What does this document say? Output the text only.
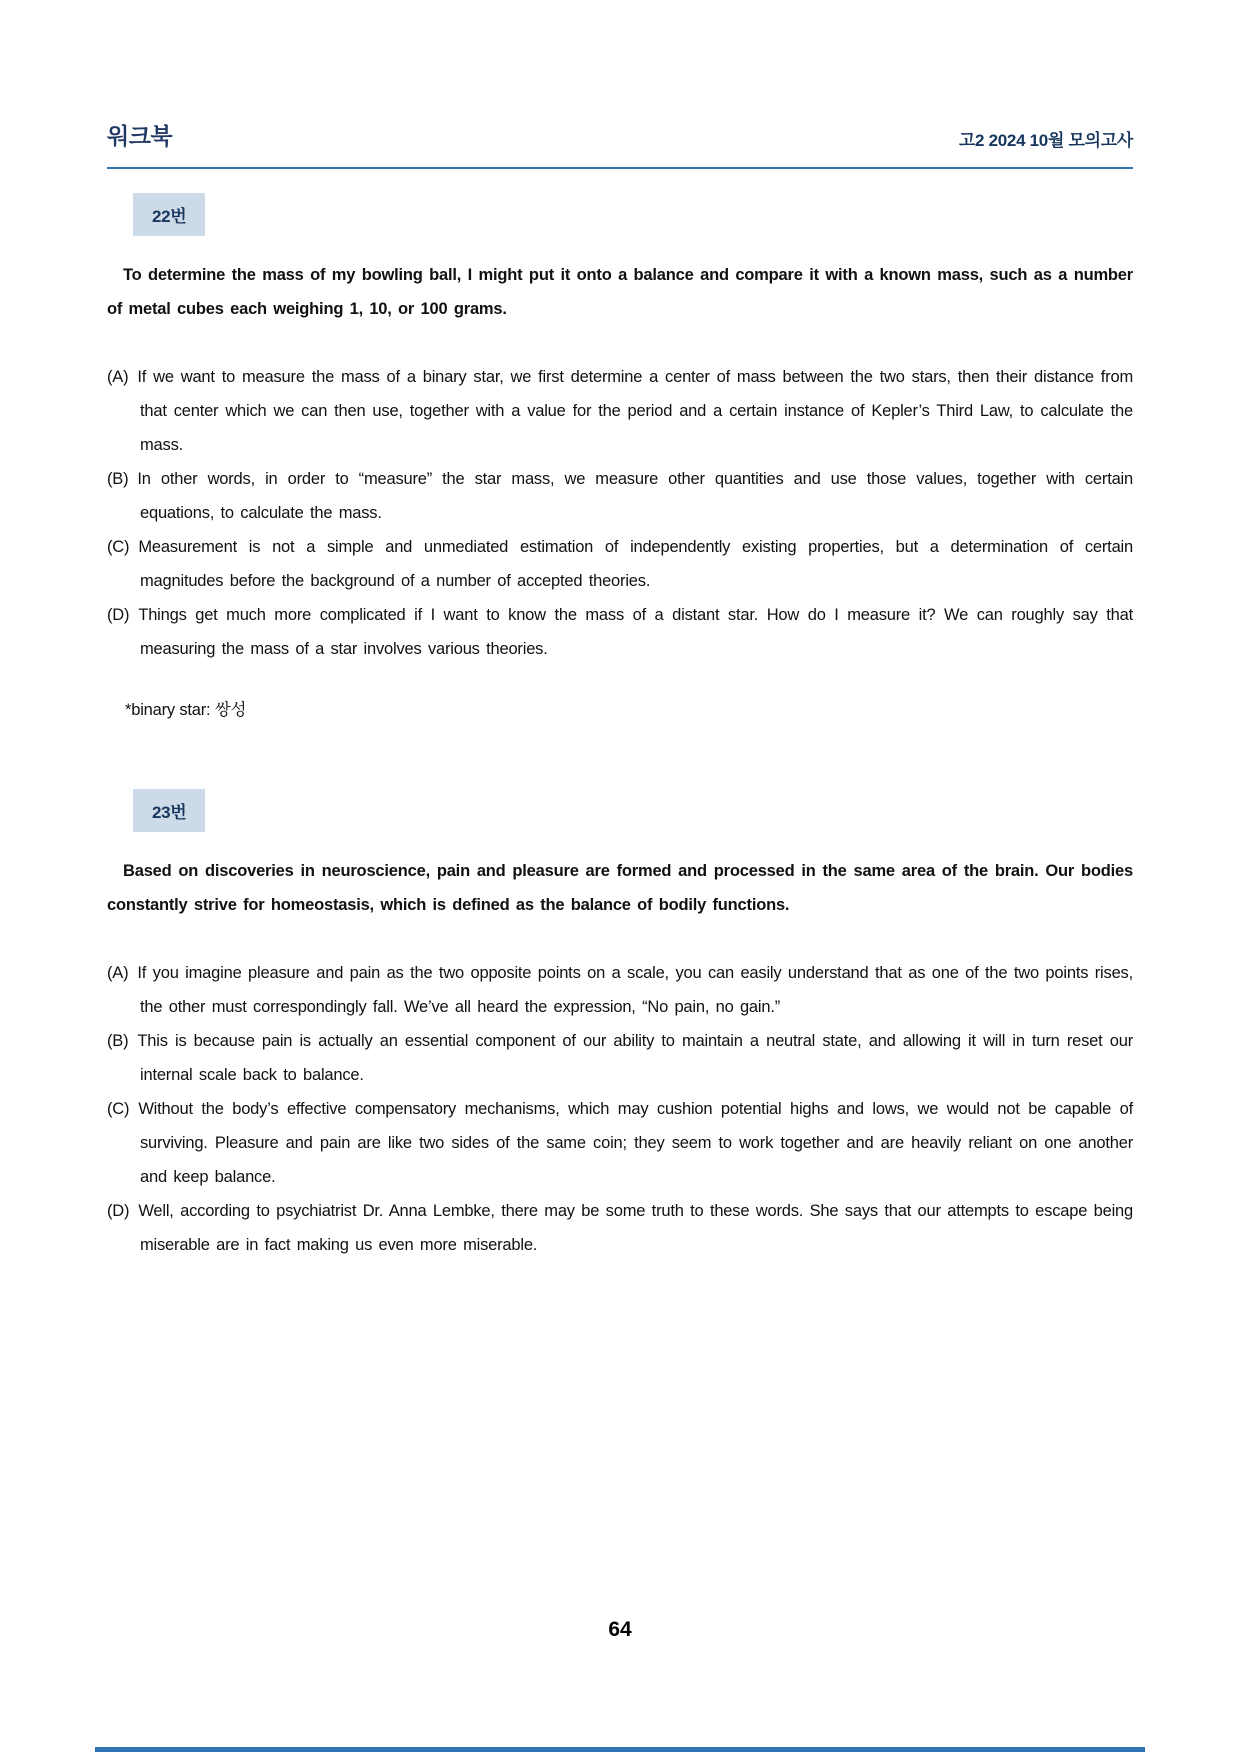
워크북	고2 2024 10월 모의고사
22번

To determine the mass of my bowling ball, I might put it onto a balance and compare it with a known mass, such as a number of metal cubes each weighing 1, 10, or 100 grams.

(A) If we want to measure the mass of a binary star, we first determine a center of mass between the two stars, then their distance from that center which we can then use, together with a value for the period and a certain instance of Kepler’s Third Law, to calculate the mass.
(B) In other words, in order to “measure” the star mass, we measure other quantities and use those values, together with certain equations, to calculate the mass.
(C) Measurement is not a simple and unmediated estimation of independently existing properties, but a determination of certain magnitudes before the background of a number of accepted theories.
(D) Things get much more complicated if I want to know the mass of a distant star. How do I measure it? We can roughly say that measuring the mass of a star involves various theories.

*binary star: 쌍성

23번

Based on discoveries in neuroscience, pain and pleasure are formed and processed in the same area of the brain. Our bodies constantly strive for homeostasis, which is defined as the balance of bodily functions.

(A) If you imagine pleasure and pain as the two opposite points on a scale, you can easily understand that as one of the two points rises, the other must correspondingly fall. We’ve all heard the expression, “No pain, no gain.”
(B) This is because pain is actually an essential component of our ability to maintain a neutral state, and allowing it will in turn reset our internal scale back to balance.
(C) Without the body’s effective compensatory mechanisms, which may cushion potential highs and lows, we would not be capable of surviving. Pleasure and pain are like two sides of the same coin; they seem to work together and are heavily reliant on one another and keep balance.
(D) Well, according to psychiatrist Dr. Anna Lembke, there may be some truth to these words. She says that our attempts to escape being miserable are in fact making us even more miserable.
64
